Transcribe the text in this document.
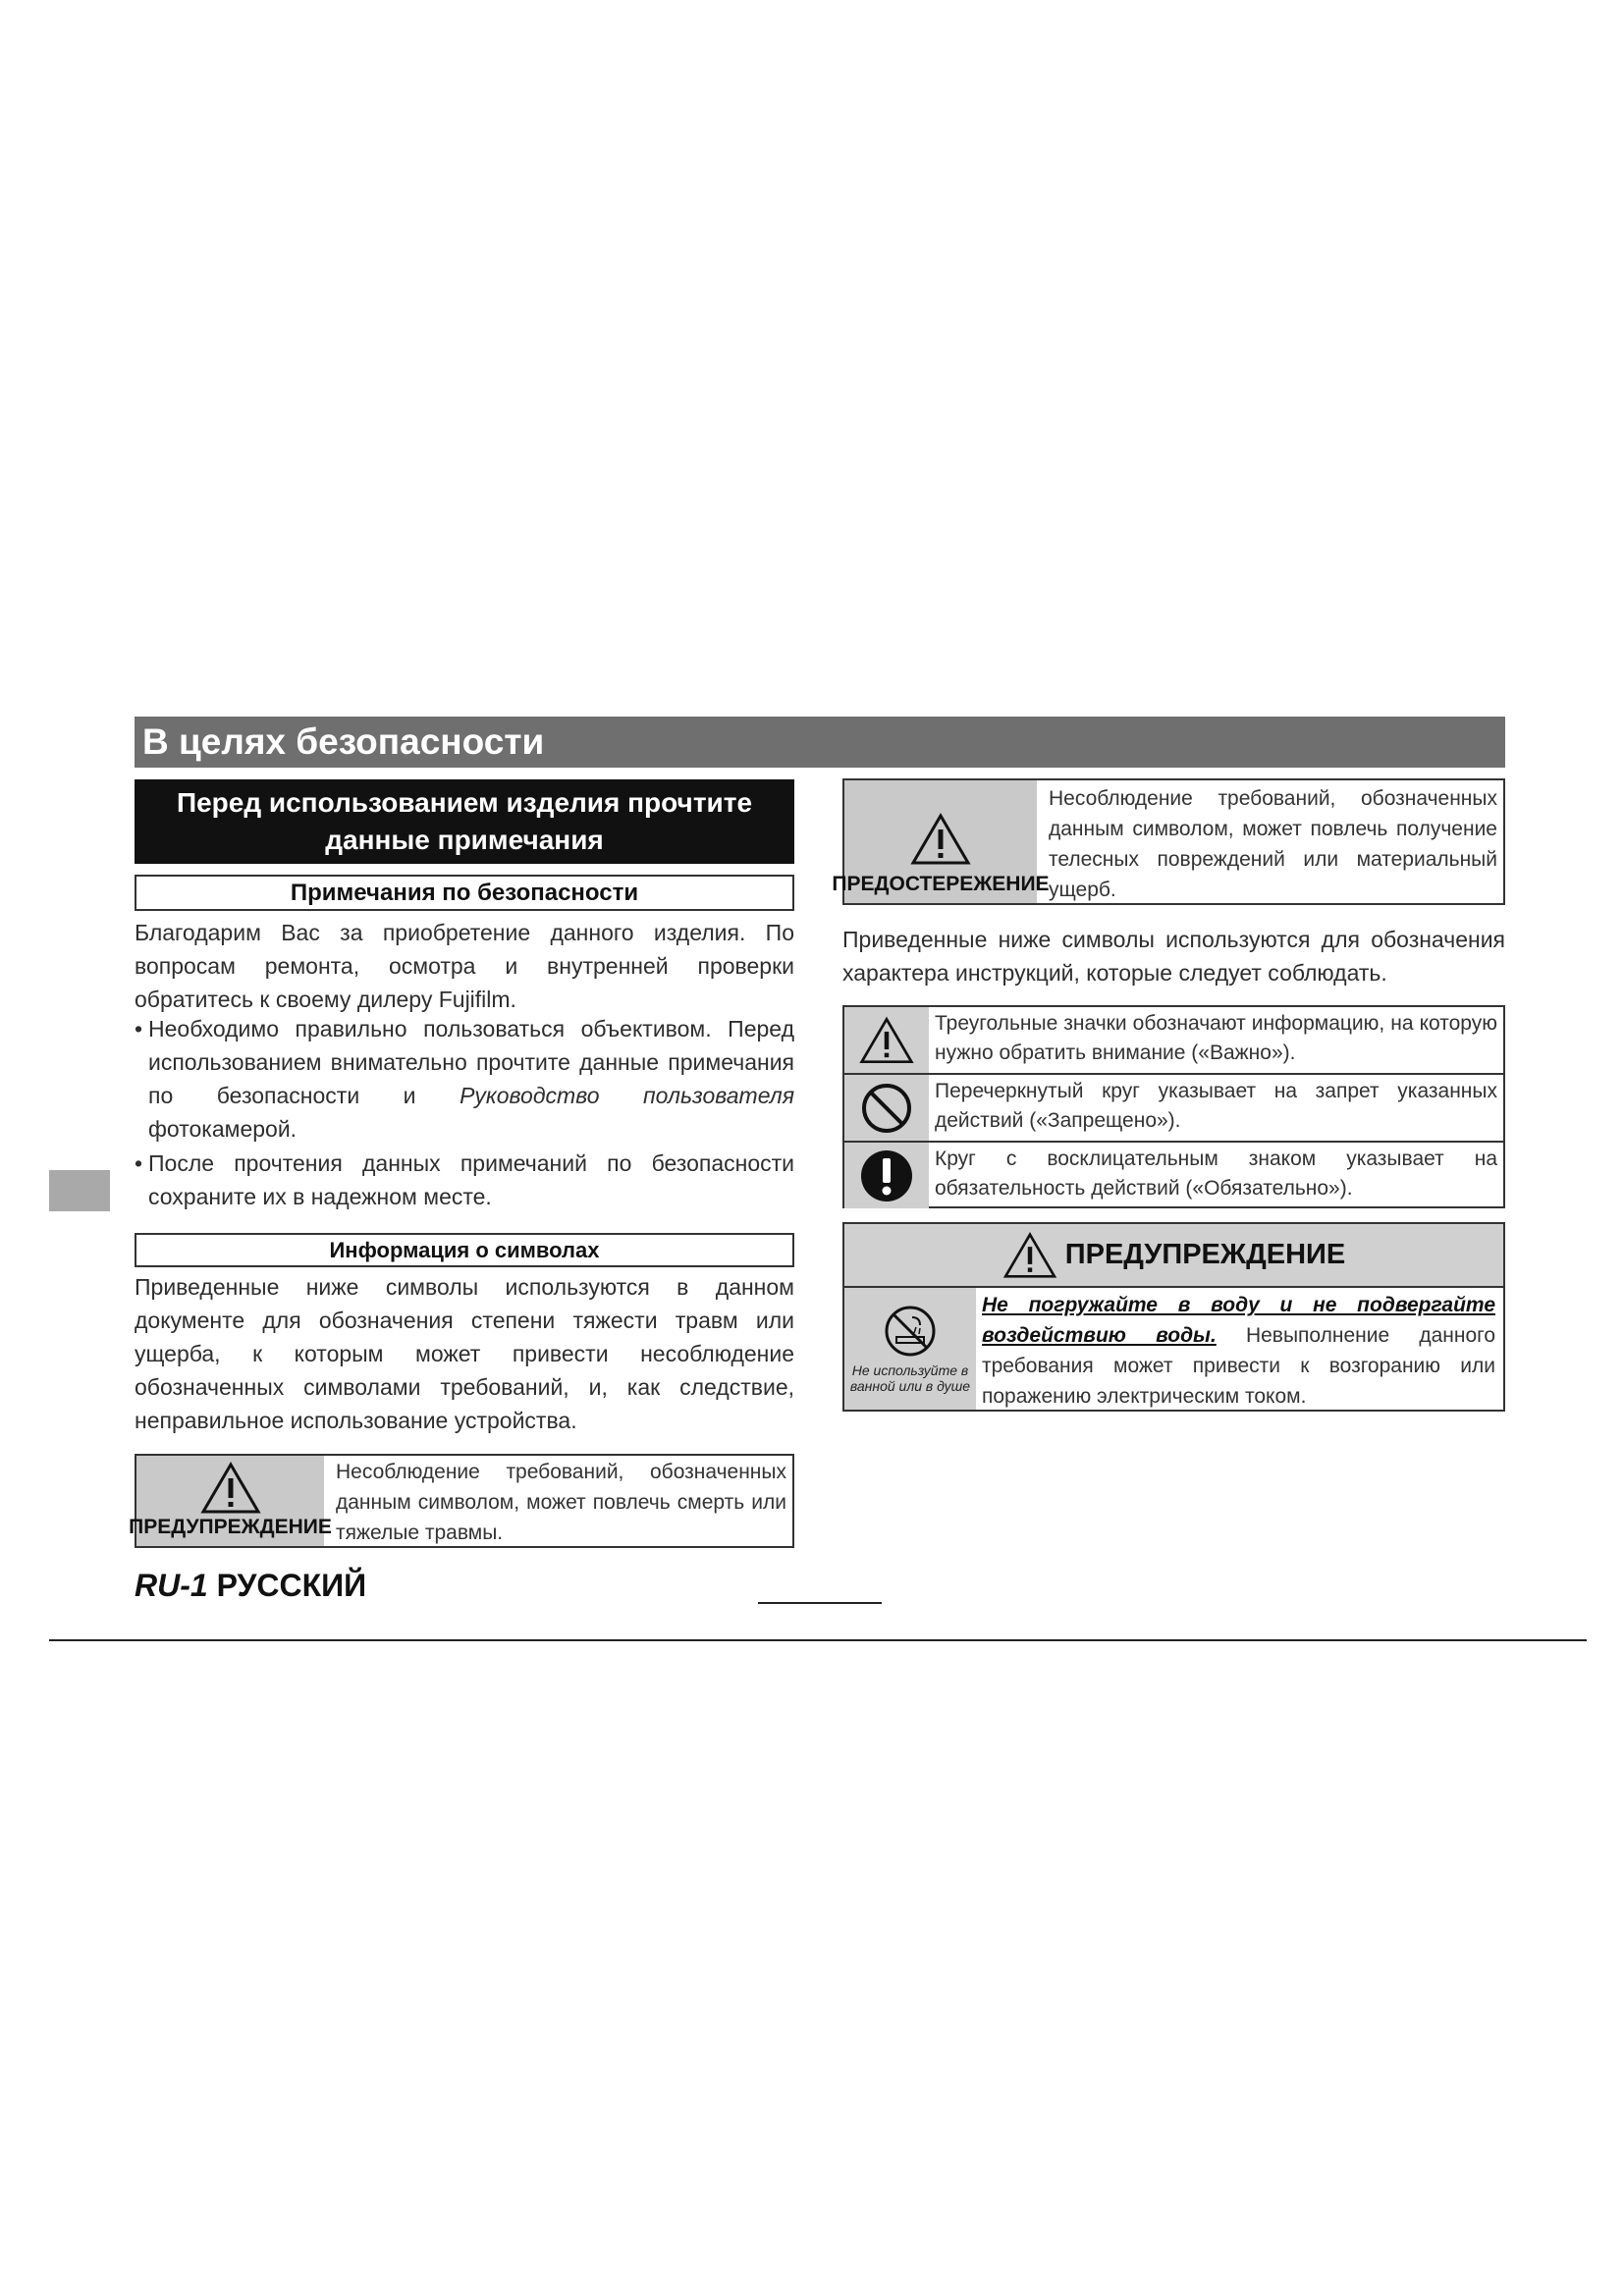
В целях безопасности
Перед использованием изделия прочтите данные примечания
Примечания по безопасности
Благодарим Вас за приобретение данного изделия. По вопросам ремонта, осмотра и внутренней проверки обратитесь к своему дилеру Fujifilm.
• Необходимо правильно пользоваться объективом. Перед использованием внимательно прочтите данные примечания по безопасности и Руководство пользователя фотокамерой.
• После прочтения данных примечаний по безопасности сохраните их в надежном месте.
Информация о символах
Приведенные ниже символы используются в данном документе для обозначения степени тяжести травм или ущерба, к которым может привести несоблюдение обозначенных символами требований, и, как следствие, неправильное использование устройства.
ПРЕДУПРЕЖДЕНИЕ
Несоблюдение требований, обозначенных данным символом, может повлечь смерть или тяжелые травмы.
ПРЕДОСТЕРЕЖЕНИЕ
Несоблюдение требований, обозначенных данным символом, может повлечь получение телесных повреждений или материальный ущерб.
Приведенные ниже символы используются для обозначения характера инструкций, которые следует соблюдать.
Треугольные значки обозначают информацию, на которую нужно обратить внимание («Важно»).
Перечеркнутый круг указывает на запрет указанных действий («Запрещено»).
Круг с восклицательным знаком указывает на обязательность действий («Обязательно»).
ПРЕДУПРЕЖДЕНИЕ
Не используйте в ванной или в душе
Не погружайте в воду и не подвергайте воздействию воды. Невыполнение данного требования может привести к возгоранию или поражению электрическим током.
RU-1 РУССКИЙ
